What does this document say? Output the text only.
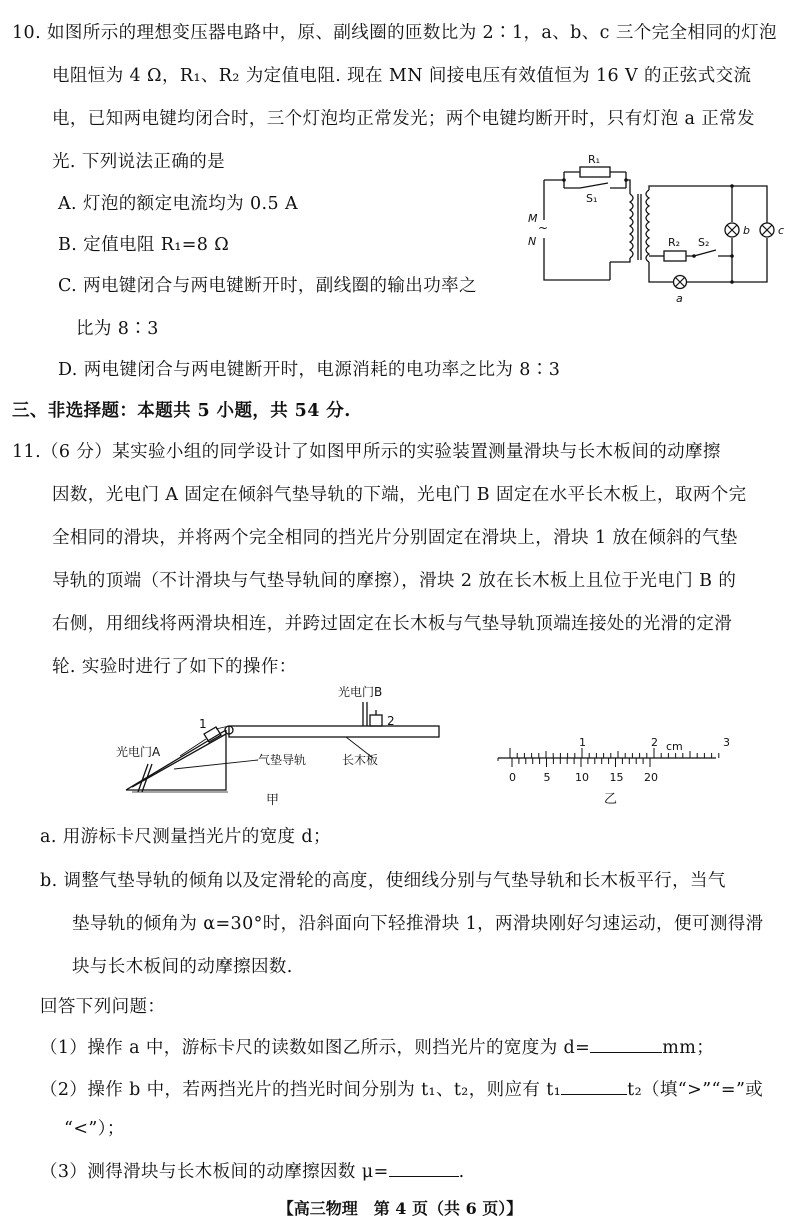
10. 如图所示的理想变压器电路中，原、副线圈的匝数比为 2∶1，a、b、c 三个完全相同的灯泡
电阻恒为 4 Ω，R₁、R₂ 为定值电阻. 现在 MN 间接电压有效值恒为 16 V 的正弦式交流
电，已知两电键均闭合时，三个灯泡均正常发光；两个电键均断开时，只有灯泡 a 正常发
光. 下列说法正确的是
A. 灯泡的额定电流均为 0.5 A
B. 定值电阻 R₁=8 Ω
C. 两电键闭合与两电键断开时，副线圈的输出功率之
比为 8∶3
D. 两电键闭合与两电键断开时，电源消耗的电功率之比为 8∶3
R₁
S₁
M
~
N	R₂ S₂
b	c
a
三、非选择题：本题共 5 小题，共 54 分.
11.（6 分）某实验小组的同学设计了如图甲所示的实验装置测量滑块与长木板间的动摩擦
因数，光电门 A 固定在倾斜气垫导轨的下端，光电门 B 固定在水平长木板上，取两个完
全相同的滑块，并将两个完全相同的挡光片分别固定在滑块上，滑块 1 放在倾斜的气垫
导轨的顶端（不计滑块与气垫导轨间的摩擦），滑块 2 放在长木板上且位于光电门 B 的
右侧，用细线将两滑块相连，并跨过固定在长木板与气垫导轨顶端连接处的光滑的定滑
轮. 实验时进行了如下的操作：
光电门A
光电门B
1	2
气垫导轨	长木板
甲
1	2	3
0	5 10 15 20
cm
乙
a. 用游标卡尺测量挡光片的宽度 d；
b. 调整气垫导轨的倾角以及定滑轮的高度，使细线分别与气垫导轨和长木板平行，当气
垫导轨的倾角为 α=30°时，沿斜面向下轻推滑块 1，两滑块刚好匀速运动，便可测得滑
块与长木板间的动摩擦因数.
回答下列问题：
（1）操作 a 中，游标卡尺的读数如图乙所示，则挡光片的宽度为 d=	mm；
（2）操作 b 中，若两挡光片的挡光时间分别为 t₁、t₂，则应有 t₁	t₂（填“>”“=”或
“<”）；
（3）测得滑块与长木板间的动摩擦因数 μ=	.
【高三物理　第 4 页（共 6 页）】
